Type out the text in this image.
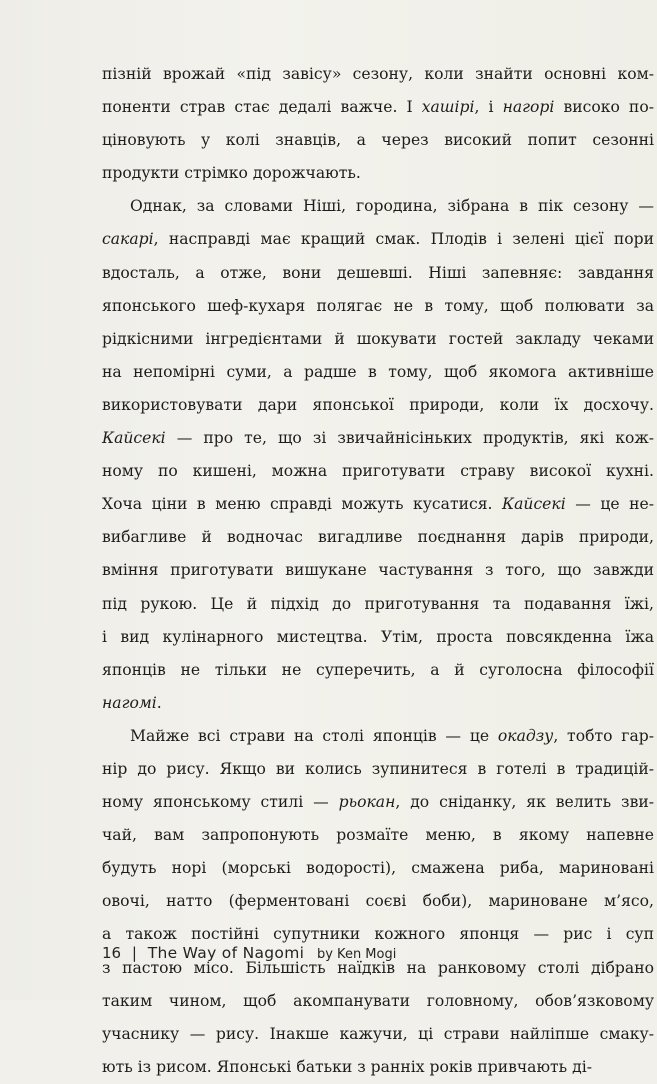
пізній врожай «під завісу» сезону, коли знайти основні ком-
поненти страв стає дедалі важче. І хашірі, і нагорі високо по-
ціновують у колі знавців, а через високий попит сезонні
продукти стрімко дорожчають.
Однак, за словами Ніші, городина, зібрана в пік сезону —
сакарі, насправді має кращий смак. Плодів і зелені цієї пори
вдосталь, а отже, вони дешевші. Ніші запевняє: завдання
японського шеф-кухаря полягає не в тому, щоб полювати за
рідкісними інгредієнтами й шокувати гостей закладу чеками
на непомірні суми, а радше в тому, щоб якомога активніше
використовувати дари японської природи, коли їх досхочу.
Кайсекі — про те, що зі звичайнісіньких продуктів, які кож-
ному по кишені, можна приготувати страву високої кухні.
Хоча ціни в меню справді можуть кусатися. Кайсекі — це не-
вибагливе й водночас вигадливе поєднання дарів природи,
вміння приготувати вишукане частування з того, що завжди
під рукою. Це й підхід до приготування та подавання їжі,
і вид кулінарного мистецтва. Утім, проста повсякденна їжа
японців не тільки не суперечить, а й суголосна філософії
нагомі.
Майже всі страви на столі японців — це окадзу, тобто гар-
нір до рису. Якщо ви колись зупинитеся в готелі в традицій-
ному японському стилі — рьокан, до сніданку, як велить зви-
чай, вам запропонують розмаїте меню, в якому напевне
будуть норі (морські водорості), смажена риба, мариновані
овочі, натто (ферментовані соєві боби), мариноване м’ясо,
а також постійні супутники кожного японця — рис і суп
з пастою місо. Більшість наїдків на ранковому столі дібрано
таким чином, щоб акомпанувати головному, обов’язковому
учаснику — рису. Інакше кажучи, ці страви найліпше смаку-
ють із рисом. Японські батьки з ранніх років привчають ді-
16 | The Way of Nagomi by Ken Mogi
